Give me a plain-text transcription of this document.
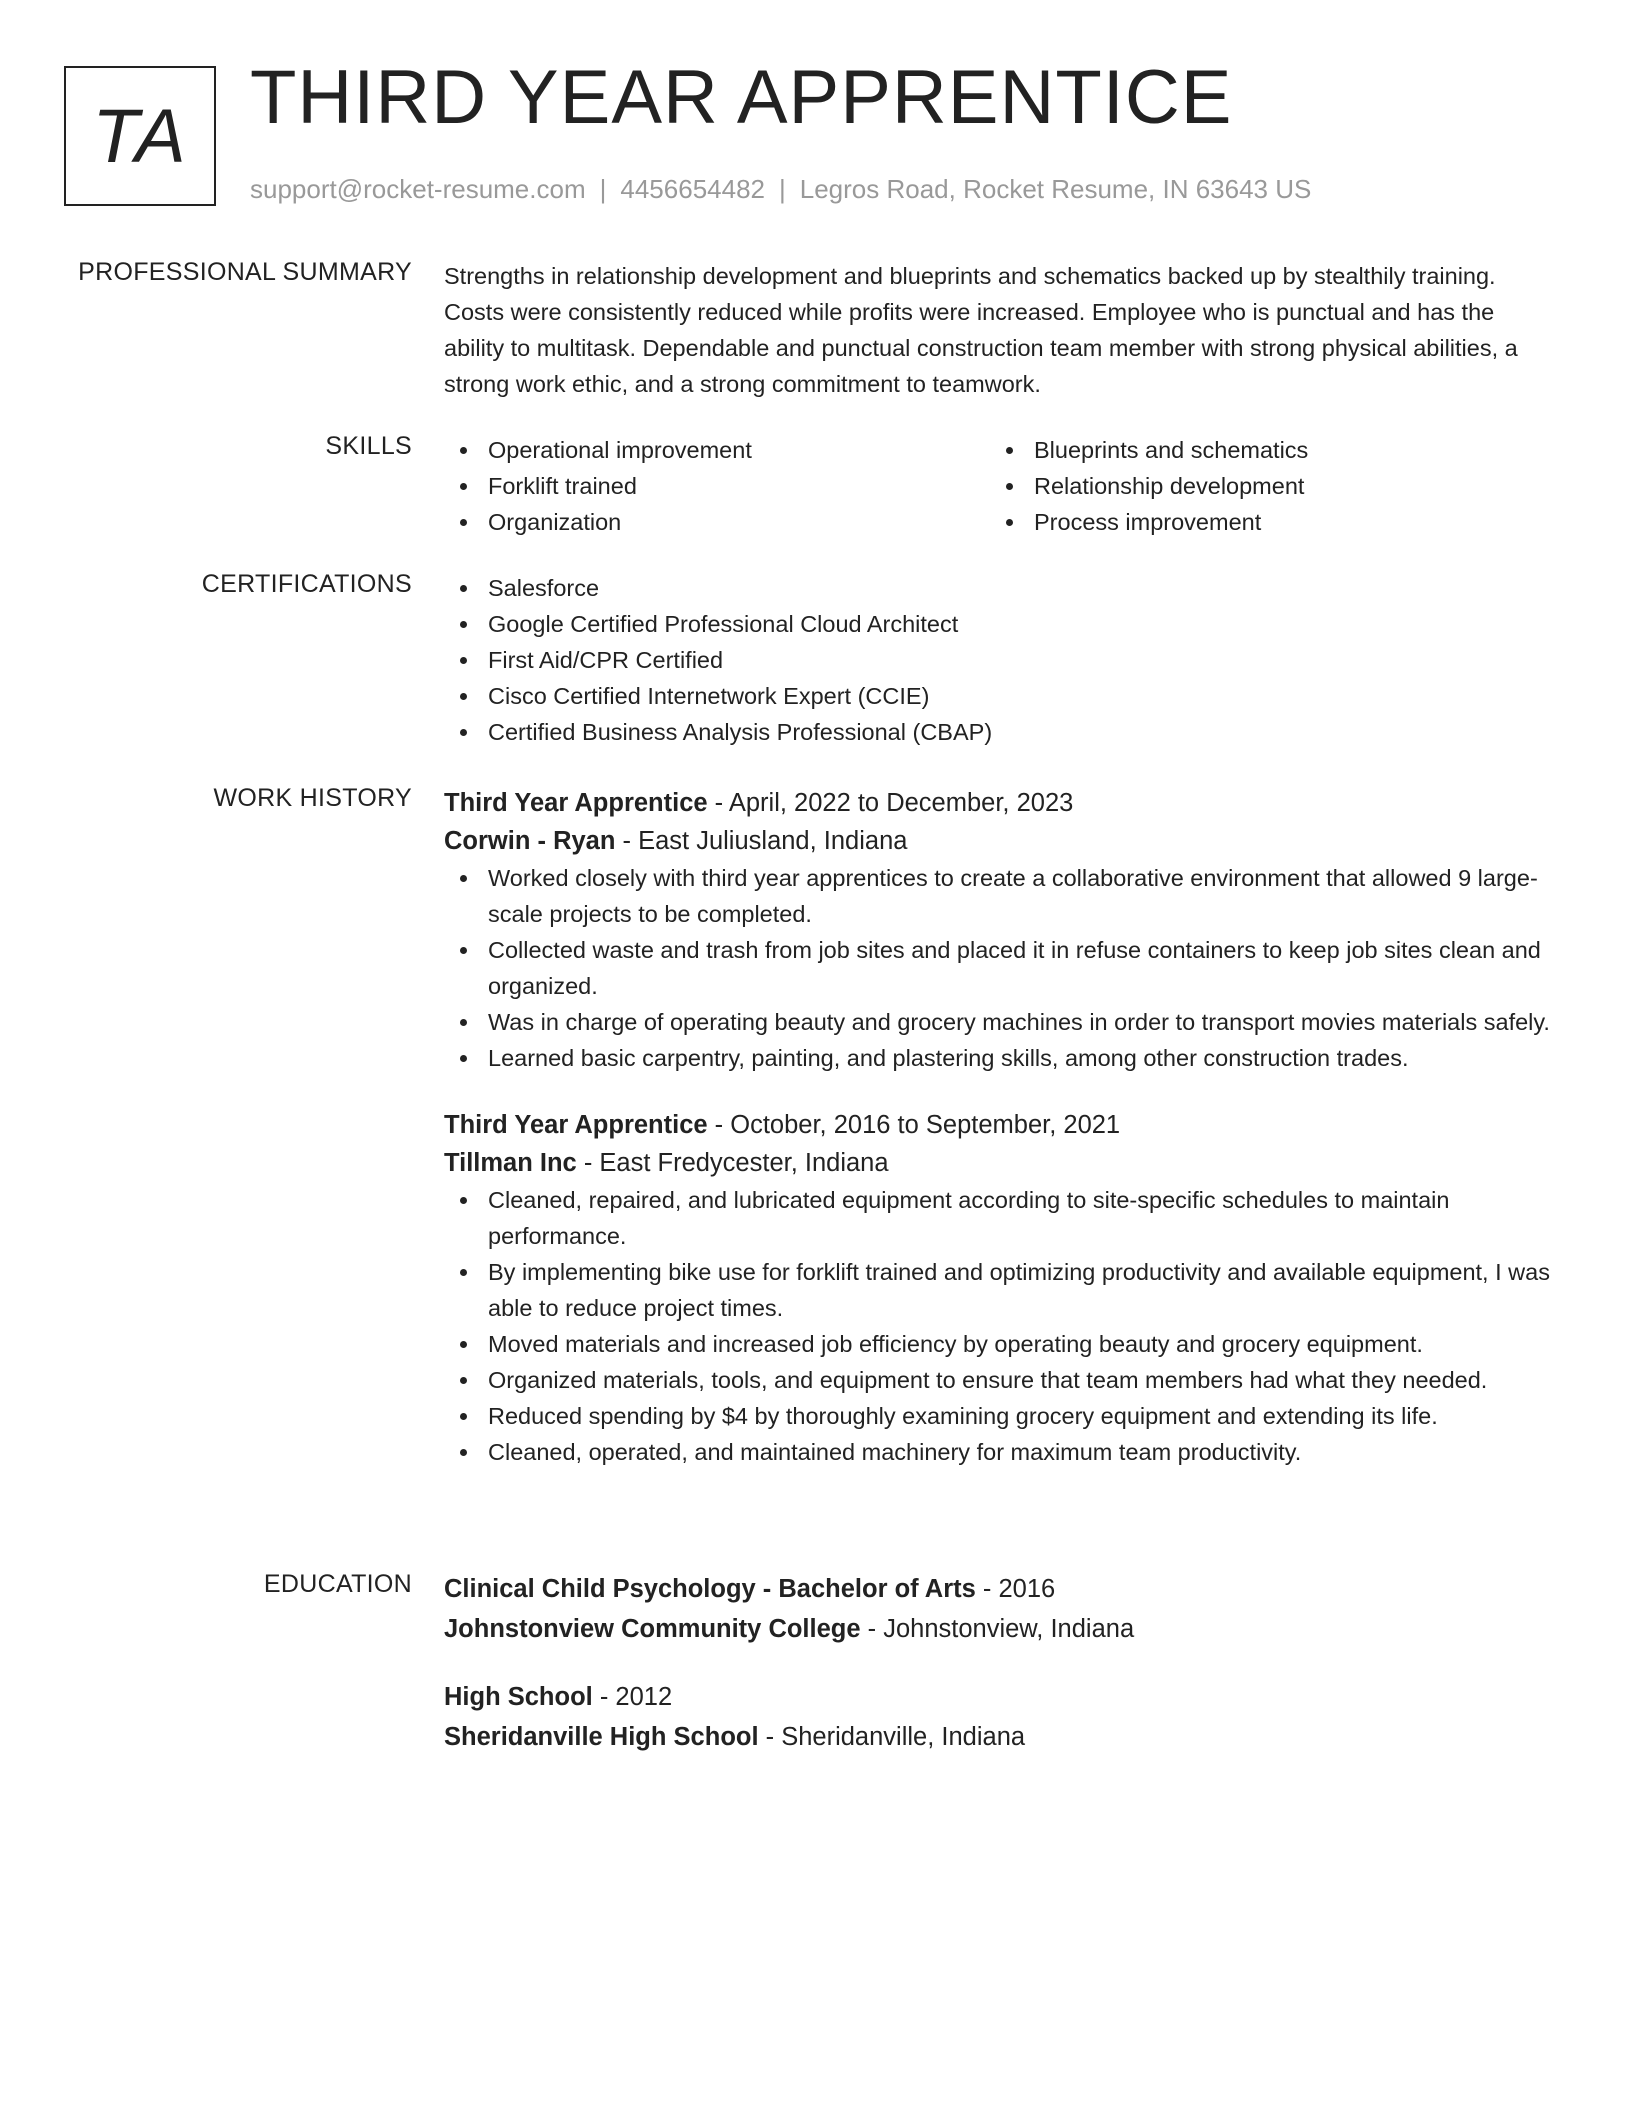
TA THIRD YEAR APPRENTICE
support@rocket-resume.com | 4456654482 | Legros Road, Rocket Resume, IN 63643 US
PROFESSIONAL SUMMARY Strengths in relationship development and blueprints and schematics backed up by stealthily training. Costs were consistently reduced while profits were increased. Employee who is punctual and has the ability to multitask. Dependable and punctual construction team member with strong physical abilities, a strong work ethic, and a strong commitment to teamwork.

SKILLS	Operational improvement
Forklift trained
Organization
Blueprints and schematics
Relationship development
Process improvement
CERTIFICATIONS	Salesforce
Google Certified Professional Cloud Architect
First Aid/CPR Certified
Cisco Certified Internetwork Expert (CCIE)
Certified Business Analysis Professional (CBAP)
WORK HISTORY Third Year Apprentice - April, 2022 to December, 2023
Corwin - Ryan - East Juliusland, Indiana
Worked closely with third year apprentices to create a collaborative environment that allowed 9 large-scale projects to be completed.
Collected waste and trash from job sites and placed it in refuse containers to keep job sites clean and organized.
Was in charge of operating beauty and grocery machines in order to transport movies materials safely.
Learned basic carpentry, painting, and plastering skills, among other construction trades.
Third Year Apprentice - October, 2016 to September, 2021
Tillman Inc - East Fredycester, Indiana
Cleaned, repaired, and lubricated equipment according to site-specific schedules to maintain performance.
By implementing bike use for forklift trained and optimizing productivity and available equipment, I was able to reduce project times.
Moved materials and increased job efficiency by operating beauty and grocery equipment.
Organized materials, tools, and equipment to ensure that team members had what they needed.
Reduced spending by $4 by thoroughly examining grocery equipment and extending its life.
Cleaned, operated, and maintained machinery for maximum team productivity.
EDUCATION Clinical Child Psychology - Bachelor of Arts - 2016
Johnstonview Community College - Johnstonview, Indiana
High School - 2012
Sheridanville High School - Sheridanville, Indiana
